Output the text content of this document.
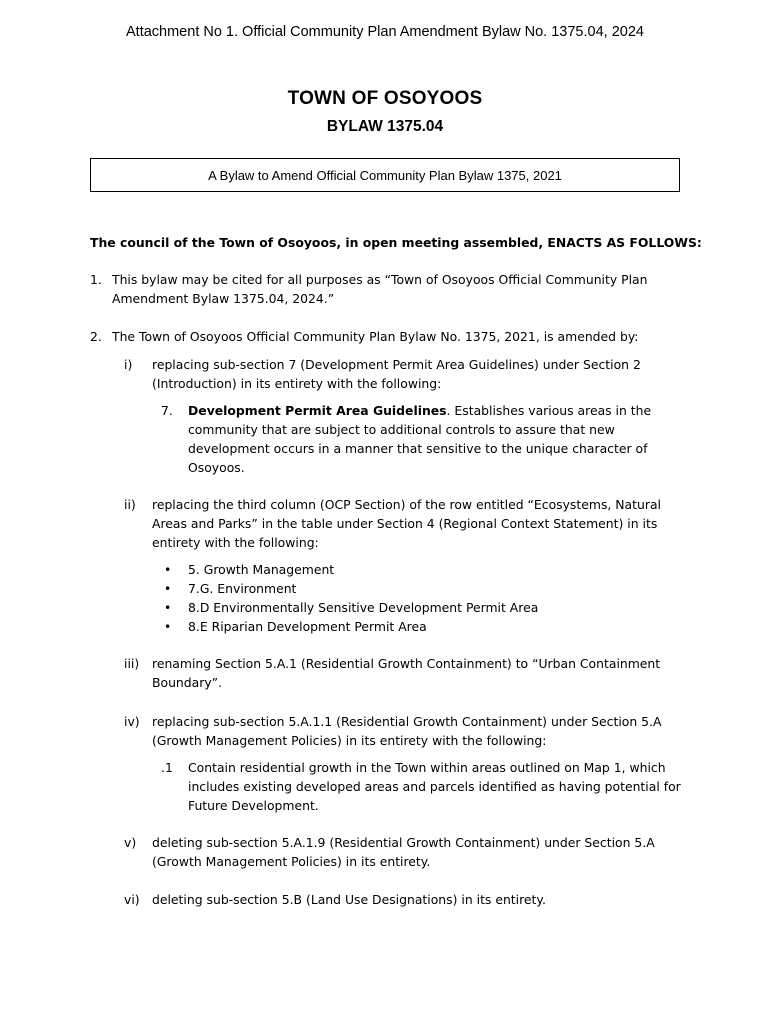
Attachment No 1. Official Community Plan Amendment Bylaw No. 1375.04, 2024
TOWN OF OSOYOOS
BYLAW 1375.04
A Bylaw to Amend Official Community Plan Bylaw 1375, 2021
The council of the Town of Osoyoos, in open meeting assembled, ENACTS AS FOLLOWS:
1. This bylaw may be cited for all purposes as “Town of Osoyoos Official Community Plan
Amendment Bylaw 1375.04, 2024.”
2. The Town of Osoyoos Official Community Plan Bylaw No. 1375, 2021, is amended by:
i) replacing sub-section 7 (Development Permit Area Guidelines) under Section 2
(Introduction) in its entirety with the following:
7. Development Permit Area Guidelines. Establishes various areas in the
community that are subject to additional controls to assure that new
development occurs in a manner that sensitive to the unique character of
Osoyoos.
ii) replacing the third column (OCP Section) of the row entitled “Ecosystems, Natural
Areas and Parks” in the table under Section 4 (Regional Context Statement) in its
entirety with the following:
• 5. Growth Management
• 7.G. Environment
• 8.D Environmentally Sensitive Development Permit Area
• 8.E Riparian Development Permit Area
iii) renaming Section 5.A.1 (Residential Growth Containment) to “Urban Containment
Boundary”.
iv) replacing sub-section 5.A.1.1 (Residential Growth Containment) under Section 5.A
(Growth Management Policies) in its entirety with the following:
.1 Contain residential growth in the Town within areas outlined on Map 1, which
includes existing developed areas and parcels identified as having potential for
Future Development.
v) deleting sub-section 5.A.1.9 (Residential Growth Containment) under Section 5.A
(Growth Management Policies) in its entirety.
vi) deleting sub-section 5.B (Land Use Designations) in its entirety.
